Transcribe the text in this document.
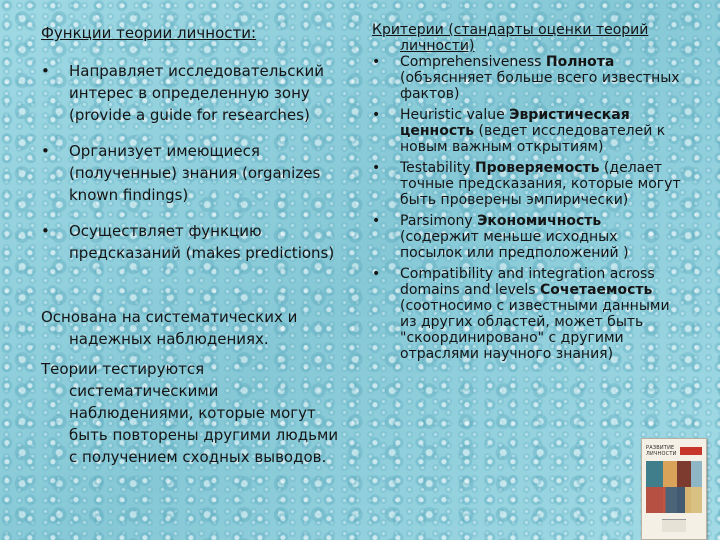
Функции теории личности:
• Направляет исследовательский интерес в определенную зону (provide a guide for researches)
• Организует имеющиеся (полученные) знания (organizes known findings)
• Осуществляет функцию предсказаний (makes predictions)

Основана на систематических и надежных наблюдениях.

Теории тестируются систематическими наблюдениями, которые могут быть повторены другими людьми с получением сходных выводов.

Критерии (стандарты оценки теорий
личности)
• Comprehensiveness Полнота (объяснняет больше всего известных фактов)
• Heuristic value Эвристическая ценность (ведет исследователей к новым важным открытиям)
• Testability Проверяемость (делает точные предсказания, которые могут быть проверены эмпирически)
• Parsimony Экономичность (содержит меньше исходных посылок или предположений )
• Compatibility and integration across domains and levels Сочетаемость (соотносимо с известными данными из других областей, может быть "скоординировано" с другими отраслями научного знания)
РАЗВИТИЕ ЛИЧНОСТИ
